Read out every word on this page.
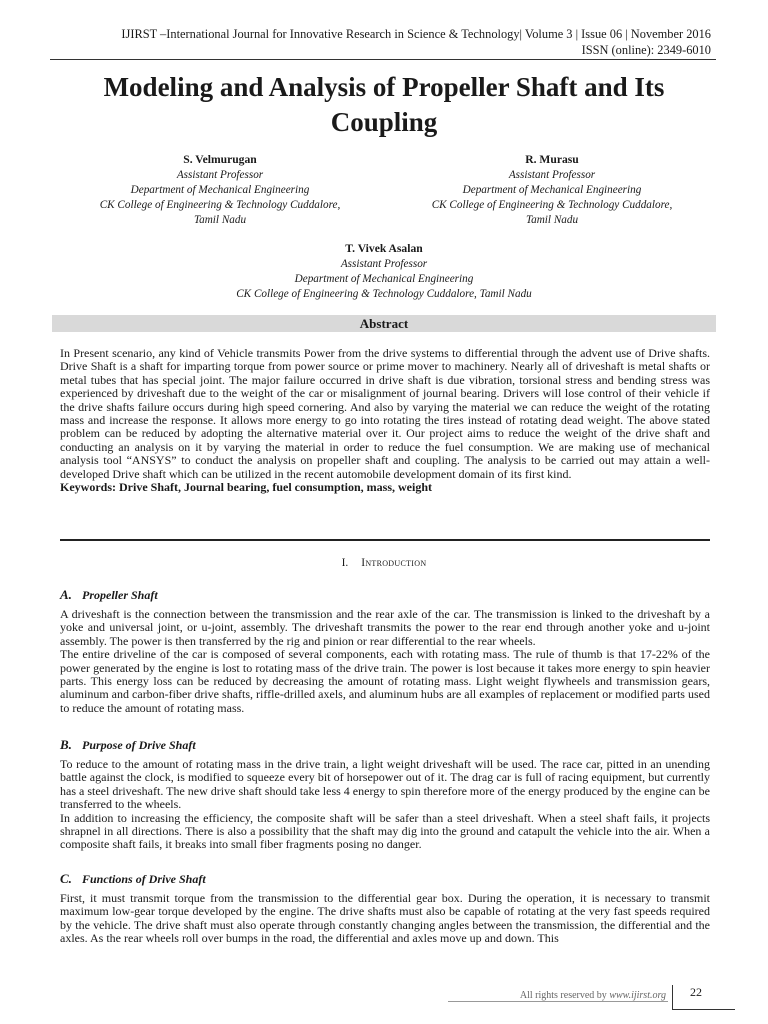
IJIRST –International Journal for Innovative Research in Science & Technology| Volume 3 | Issue 06 | November 2016
ISSN (online): 2349-6010
Modeling and Analysis of Propeller Shaft and Its
Coupling
S. Velmurugan
Assistant Professor
Department of Mechanical Engineering
CK College of Engineering & Technology Cuddalore,
Tamil Nadu
R. Murasu
Assistant Professor
Department of Mechanical Engineering
CK College of Engineering & Technology Cuddalore,
Tamil Nadu
T. Vivek Asalan
Assistant Professor
Department of Mechanical Engineering
CK College of Engineering & Technology Cuddalore, Tamil Nadu
Abstract

In Present scenario, any kind of Vehicle transmits Power from the drive systems to differential through the advent use of Drive shafts. Drive Shaft is a shaft for imparting torque from power source or prime mover to machinery. Nearly all of driveshaft is metal shafts or metal tubes that has special joint. The major failure occurred in drive shaft is due vibration, torsional stress and bending stress was experienced by driveshaft due to the weight of the car or misalignment of journal bearing. Drivers will lose control of their vehicle if the drive shafts failure occurs during high speed cornering. And also by varying the material we can reduce the weight of the rotating mass and increase the response. It allows more energy to go into rotating the tires instead of rotating dead weight. The above stated problem can be reduced by adopting the alternative material over it. Our project aims to reduce the weight of the drive shaft and conducting an analysis on it by varying the material in order to reduce the fuel consumption. We are making use of mechanical analysis tool “ANSYS” to conduct the analysis on propeller shaft and coupling. The analysis to be carried out may attain a well-developed Drive shaft which can be utilized in the recent automobile development domain of its first kind.

Keywords: Drive Shaft, Journal bearing, fuel consumption, mass, weight

I. Introduction
A. Propeller Shaft

A driveshaft is the connection between the transmission and the rear axle of the car. The transmission is linked to the driveshaft by a yoke and universal joint, or u-joint, assembly. The driveshaft transmits the power to the rear end through another yoke and u-joint assembly. The power is then transferred by the rig and pinion or rear differential to the rear wheels.

The entire driveline of the car is composed of several components, each with rotating mass. The rule of thumb is that 17-22% of the power generated by the engine is lost to rotating mass of the drive train. The power is lost because it takes more energy to spin heavier parts. This energy loss can be reduced by decreasing the amount of rotating mass. Light weight flywheels and transmission gears, aluminum and carbon-fiber drive shafts, riffle-drilled axels, and aluminum hubs are all examples of replacement or modified parts used to reduce the amount of rotating mass.

B. Purpose of Drive Shaft

To reduce to the amount of rotating mass in the drive train, a light weight driveshaft will be used. The race car, pitted in an unending battle against the clock, is modified to squeeze every bit of horsepower out of it. The drag car is full of racing equipment, but currently has a steel driveshaft. The new drive shaft should take less 4 energy to spin therefore more of the energy produced by the engine can be transferred to the wheels.

In addition to increasing the efficiency, the composite shaft will be safer than a steel driveshaft. When a steel shaft fails, it projects shrapnel in all directions. There is also a possibility that the shaft may dig into the ground and catapult the vehicle into the air. When a composite shaft fails, it breaks into small fiber fragments posing no danger.

C. Functions of Drive Shaft

First, it must transmit torque from the transmission to the differential gear box. During the operation, it is necessary to transmit maximum low-gear torque developed by the engine. The drive shafts must also be capable of rotating at the very fast speeds required by the vehicle. The drive shaft must also operate through constantly changing angles between the transmission, the differential and the axles. As the rear wheels roll over bumps in the road, the differential and axles move up and down. This

All rights reserved by www.ijirst.org 22
